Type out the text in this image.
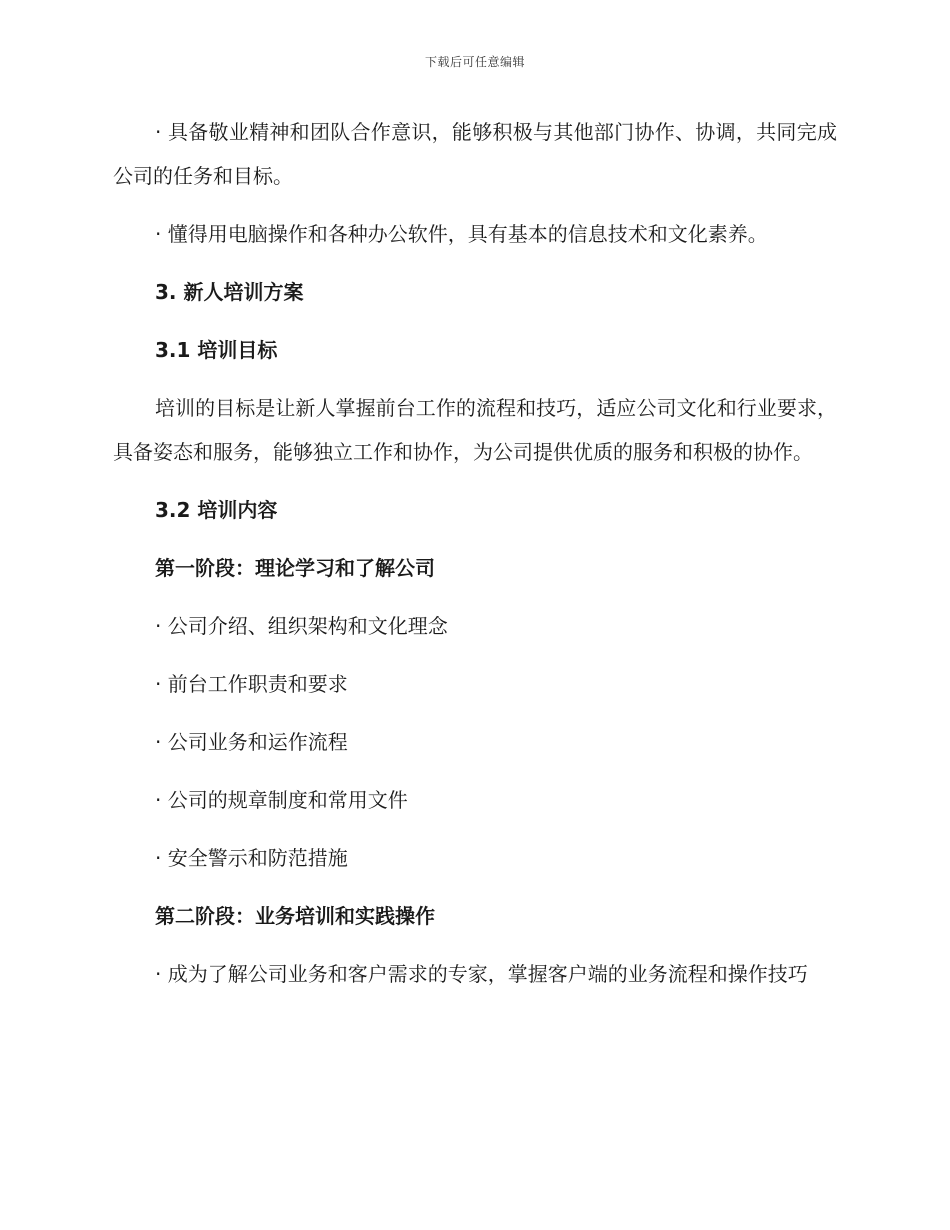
下载后可任意编辑

· 具备敬业精神和团队合作意识，能够积极与其他部门协作、协调，共同完成公司的任务和目标。

· 懂得用电脑操作和各种办公软件，具有基本的信息技术和文化素养。

3. 新人培训方案
3.1 培训目标

培训的目标是让新人掌握前台工作的流程和技巧，适应公司文化和行业要求，具备姿态和服务，能够独立工作和协作，为公司提供优质的服务和积极的协作。

3.2 培训内容
第一阶段：理论学习和了解公司
· 公司介绍、组织架构和文化理念
· 前台工作职责和要求
· 公司业务和运作流程
· 公司的规章制度和常用文件
· 安全警示和防范措施
第二阶段：业务培训和实践操作

· 成为了解公司业务和客户需求的专家，掌握客户端的业务流程和操作技巧
